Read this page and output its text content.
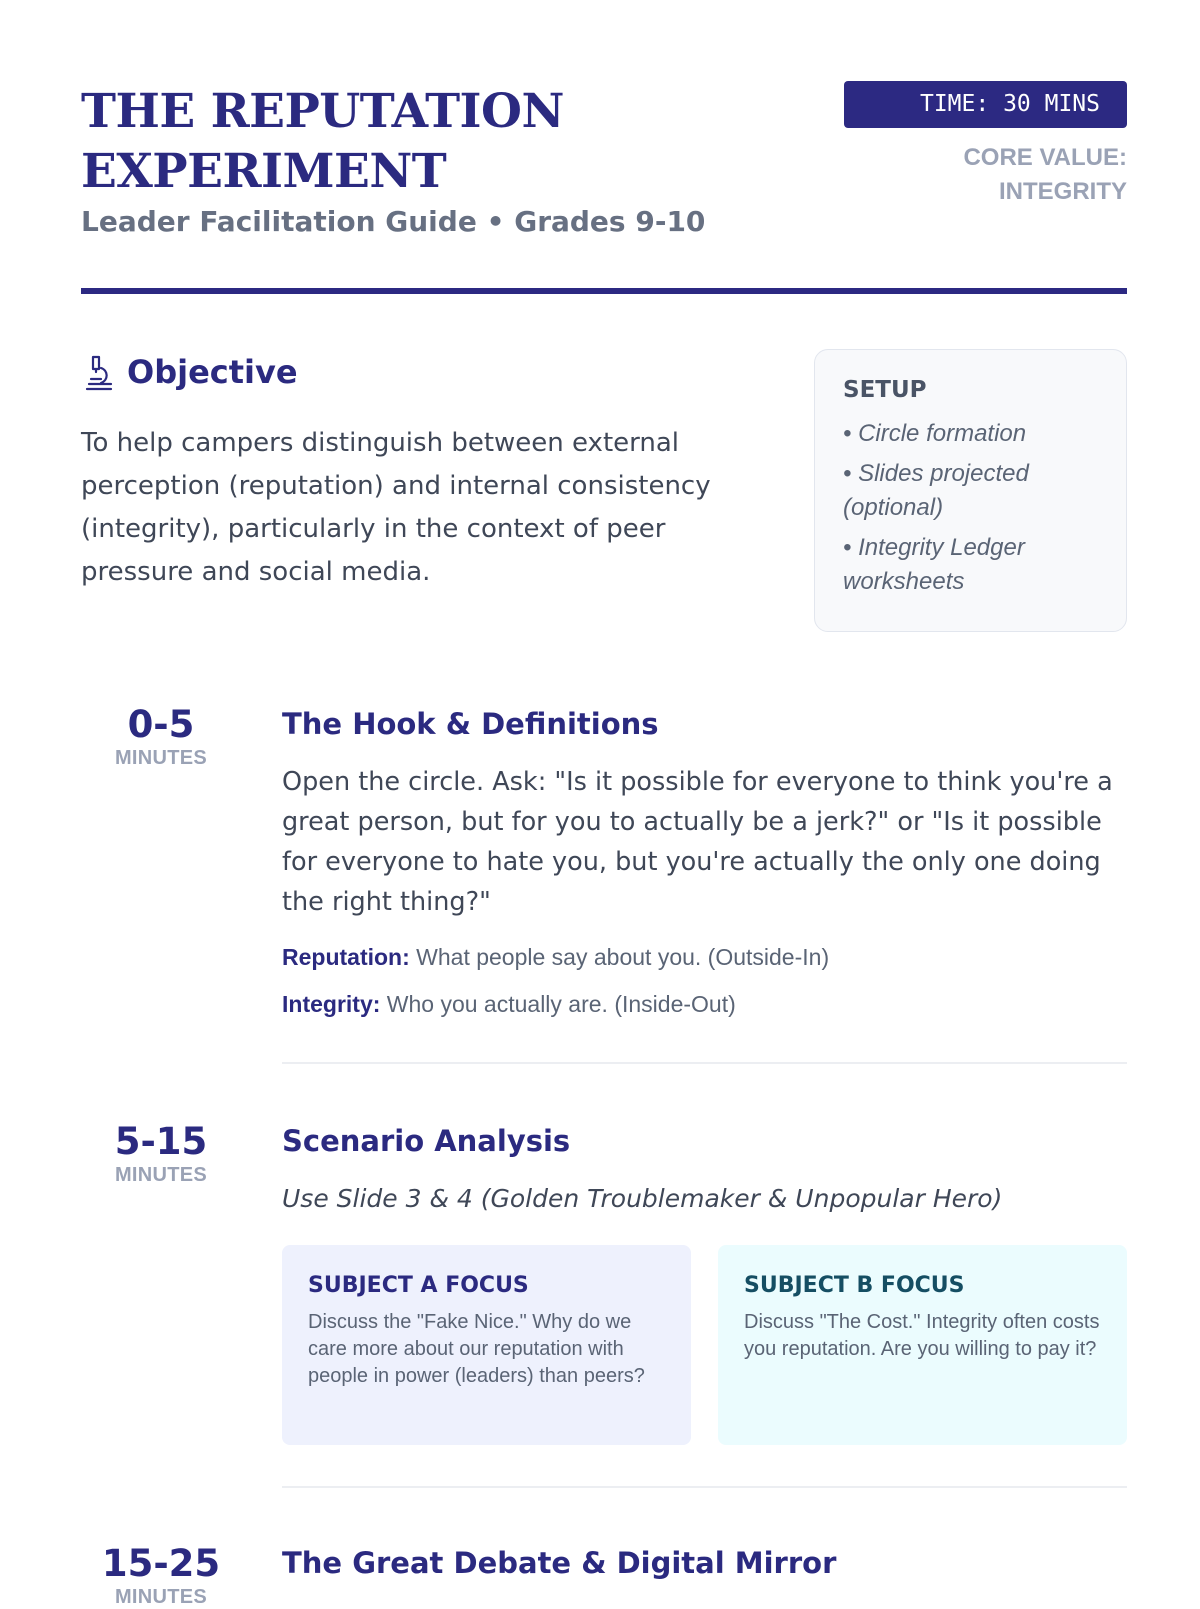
THE REPUTATION EXPERIMENT
Leader Facilitation Guide • Grades 9-10
TIME: 30 MINS
CORE VALUE: INTEGRITY
Objective

To help campers distinguish between external perception (reputation) and internal consistency (integrity), particularly in the context of peer pressure and social media.

SETUP
• Circle formation
• Slides projected (optional)
• Integrity Ledger worksheets
0-5
MINUTES
The Hook & Definitions

Open the circle. Ask: "Is it possible for everyone to think you're a great person, but for you to actually be a jerk?" or "Is it possible for everyone to hate you, but you're actually the only one doing the right thing?"

Reputation: What people say about you. (Outside-In)

Integrity: Who you actually are. (Inside-Out)

5-15
MINUTES
Scenario Analysis

Use Slide 3 & 4 (Golden Troublemaker & Unpopular Hero)

SUBJECT A FOCUS

Discuss the "Fake Nice." Why do we care more about our reputation with people in power (leaders) than peers?

SUBJECT B FOCUS

Discuss "The Cost." Integrity often costs you reputation. Are you willing to pay it?

15-25
MINUTES
The Great Debate & Digital Mirror
